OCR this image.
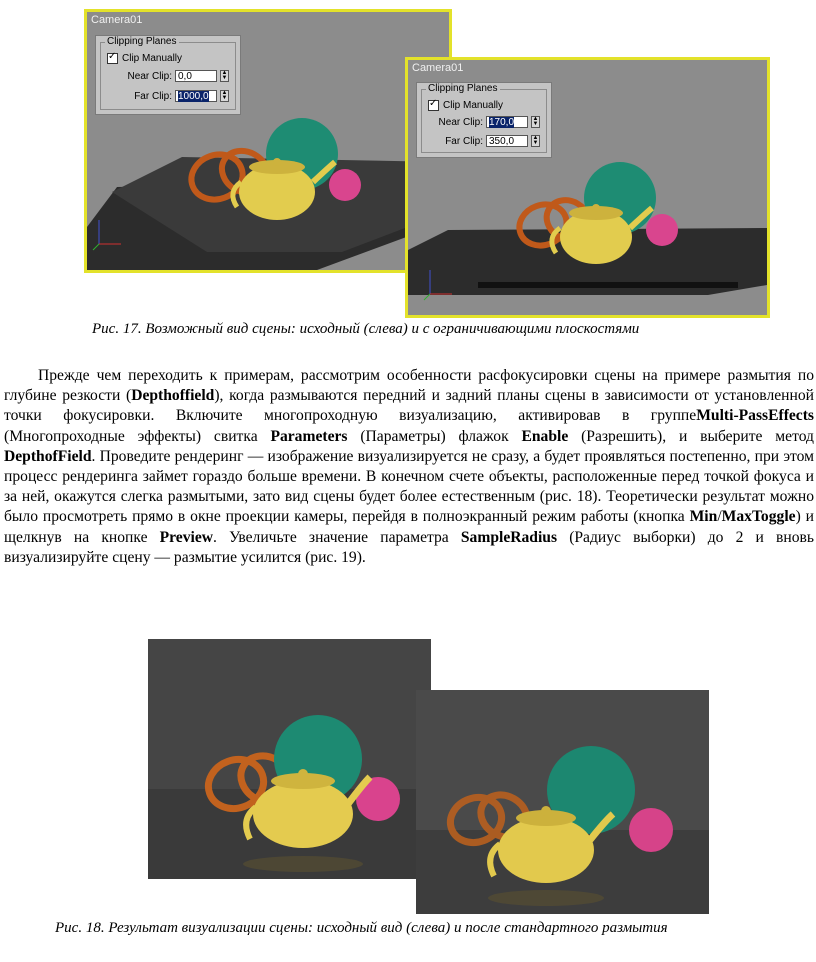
Camera01
Clipping Planes
✓
Clip Manually
Near Clip: 0,0	▲
▼
Far Clip: 1000,0	▲
▼
Camera01
Clipping Planes
✓
Clip Manually
Near Clip: 170,0	▲
▼
Far Clip: 350,0	▲
▼
Рис. 17. Возможный вид сцены: исходный (слева) и с ограничивающими плоскостями

Прежде чем переходить к примерам, рассмотрим особенности расфокусировки сцены на примере размытия по глубине резкости (Depthoffield), когда размываются передний и задний планы сцены в зависимости от установленной точки фокусировки. Включите многопроходную визуализацию, активировав в группеMulti-PassEffects (Многопроходные эффекты) свитка Parameters (Параметры) флажок Enable (Разрешить), и выберите метод DepthofField. Проведите рендеринг — изображение визуализируется не сразу, а будет проявляться постепенно, при этом процесс рендеринга займет гораздо больше времени. В конечном счете объекты, расположенные перед точкой фокуса и за ней, окажутся слегка размытыми, зато вид сцены будет более естественным (рис. 18). Теоретически результат можно было просмотреть прямо в окне проекции камеры, перейдя в полноэкранный режим работы (кнопка Min/MaxToggle) и щелкнув на кнопке Preview. Увеличьте значение параметра SampleRadius (Радиус выборки) до 2 и вновь визуализируйте сцену — размытие усилится (рис. 19).

Рис. 18. Результат визуализации сцены: исходный вид (слева) и после стандартного размытия
